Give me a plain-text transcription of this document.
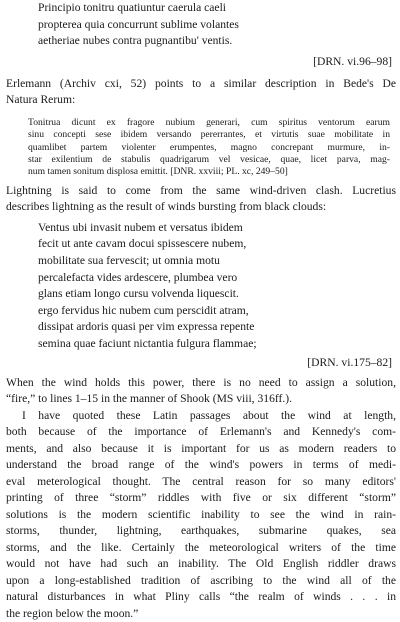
Principio tonitru quatiuntur caerula caeli
propterea quia concurrunt sublime volantes
aetheriae nubes contra pugnantibu' ventis.
[DRN. vi.96–98]
Erlemann (Archiv cxi, 52) points to a similar description in Bede's De
Natura Rerum:
Tonitrua dicunt ex fragore nubium generari, cum spiritus ventorum earum
sinu concepti sese ibidem versando pererrantes, et virtutis suae mobilitate in
quamlibet partem violenter erumpentes, magno concrepant murmure, in-
star exilentium de stabulis quadrigarum vel vesicae, quae, licet parva, mag-
num tamen sonitum displosa emittit. [DNR. xxviii; PL. xc, 249–50]
Lightning is said to come from the same wind-driven clash. Lucretius
describes lightning as the result of winds bursting from black clouds:
Ventus ubi invasit nubem et versatus ibidem
fecit ut ante cavam docui spissescere nubem,
mobilitate sua fervescit; ut omnia motu
percalefacta vides ardescere, plumbea vero
glans etiam longo cursu volvenda liquescit.
ergo fervidus hic nubem cum perscidit atram,
dissipat ardoris quasi per vim expressa repente
semina quae faciunt nictantia fulgura flammae;
[DRN. vi.175–82]
When the wind holds this power, there is no need to assign a solution,
“fire,” to lines 1–15 in the manner of Shook (MS viii, 316ff.).
I have quoted these Latin passages about the wind at length,
both because of the importance of Erlemann's and Kennedy's com-
ments, and also because it is important for us as modern readers to
understand the broad range of the wind's powers in terms of medi-
eval meterological thought. The central reason for so many editors'
printing of three “storm” riddles with five or six different “storm”
solutions is the modern scientific inability to see the wind in rain-
storms, thunder, lightning, earthquakes, submarine quakes, sea
storms, and the like. Certainly the meteorological writers of the time
would not have had such an inability. The Old English riddler draws
upon a long-established tradition of ascribing to the wind all of the
natural disturbances in what Pliny calls “the realm of winds . . . in
the region below the moon.”
